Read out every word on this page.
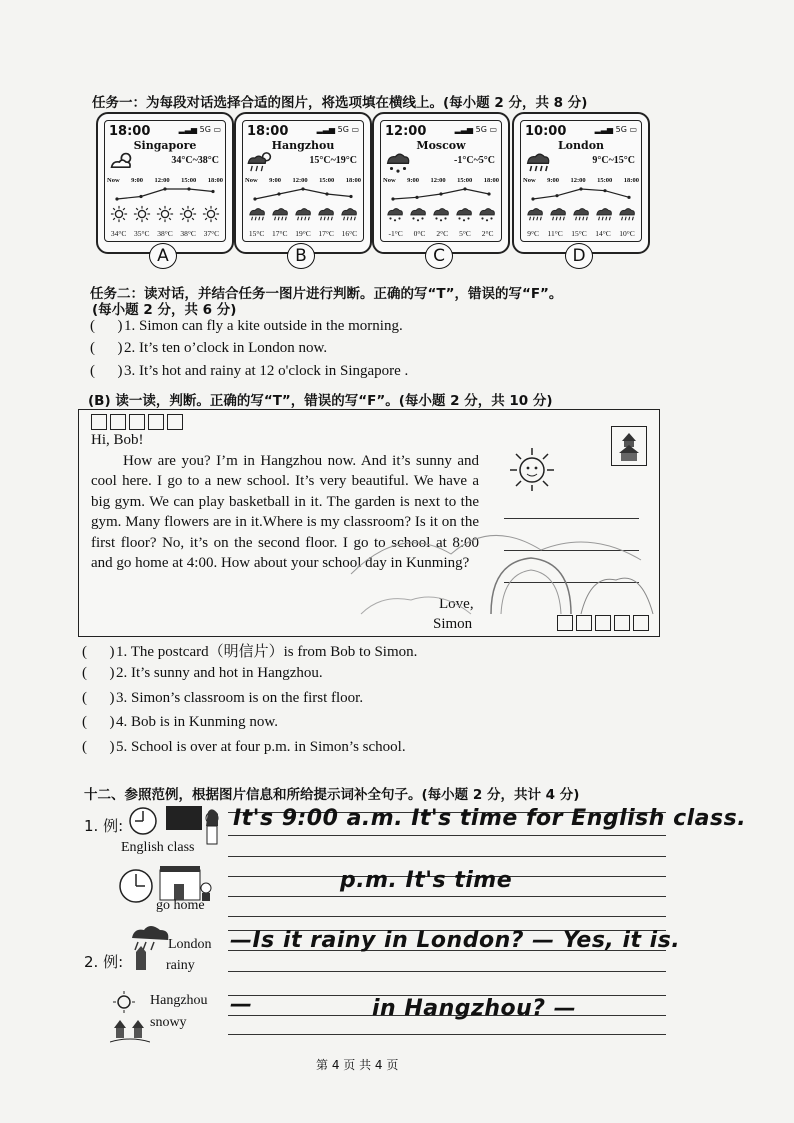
任务一：为每段对话选择合适的图片，将选项填在横线上。(每小题 2 分，共 8 分)
18:00	▂▃▅ 5G ▭
Singapore
34°C~38°C
Now 9:00 12:00 15:00 18:00
34°C 35°C 38°C 38°C 37°C
A
18:00	▂▃▅ 5G ▭
Hangzhou
15°C~19°C
Now 9:00 12:00 15:00 18:00
15°C 17°C 19°C 17°C 16°C
B
12:00	▂▃▅ 5G ▭
Moscow
-1°C~5°C
Now 9:00 12:00 15:00 18:00
-1°C 0°C 2°C 5°C 2°C
C
10:00	▂▃▅ 5G ▭
London
9°C~15°C
Now 9:00 12:00 15:00 18:00
9°C 11°C 15°C 14°C 10°C
D
任务二：读对话，并结合任务一图片进行判断。正确的写“T”，错误的写“F”。
(每小题 2 分，共 6 分)
(      ) 1. Simon can fly a kite outside in the morning.
(      ) 2. It’s ten o’clock in London now.
(      ) 3. It’s hot and rainy at 12 o'clock in Singapore .
(B) 读一读，判断。正确的写“T”，错误的写“F”。(每小题 2 分，共 10 分)
Hi, Bob!
How are you? I’m in Hangzhou now. And it’s sunny and cool here. I go to a new school. It’s very beautiful. We have a big gym. We can play basketball in it. The garden is next to the gym. Many flowers are in it.Where is my classroom? Is it on the first floor? No, it’s on the second floor. I go to school at 8:00 and go home at 4:00. How about your school day in Kunming?
Love,
Simon
(      ) 1. The postcard（明信片）is from Bob to Simon.
(      ) 2. It’s sunny and hot in Hangzhou.
(      ) 3. Simon’s classroom is on the first floor.
(      ) 4. Bob is in Kunming now.
(      ) 5. School is over at four p.m. in Simon’s school.
十二、参照范例，根据图片信息和所给提示词补全句子。(每小题 2 分，共计 4 分)
1. 例:
English class
It's 9:00 a.m. It's time for English class.
go home
p.m. It's time
2. 例:
London
rainy
—Is it rainy in London? — Yes, it is.
Hangzhou
snowy
—	in Hangzhou? —
第 4 页 共 4 页
